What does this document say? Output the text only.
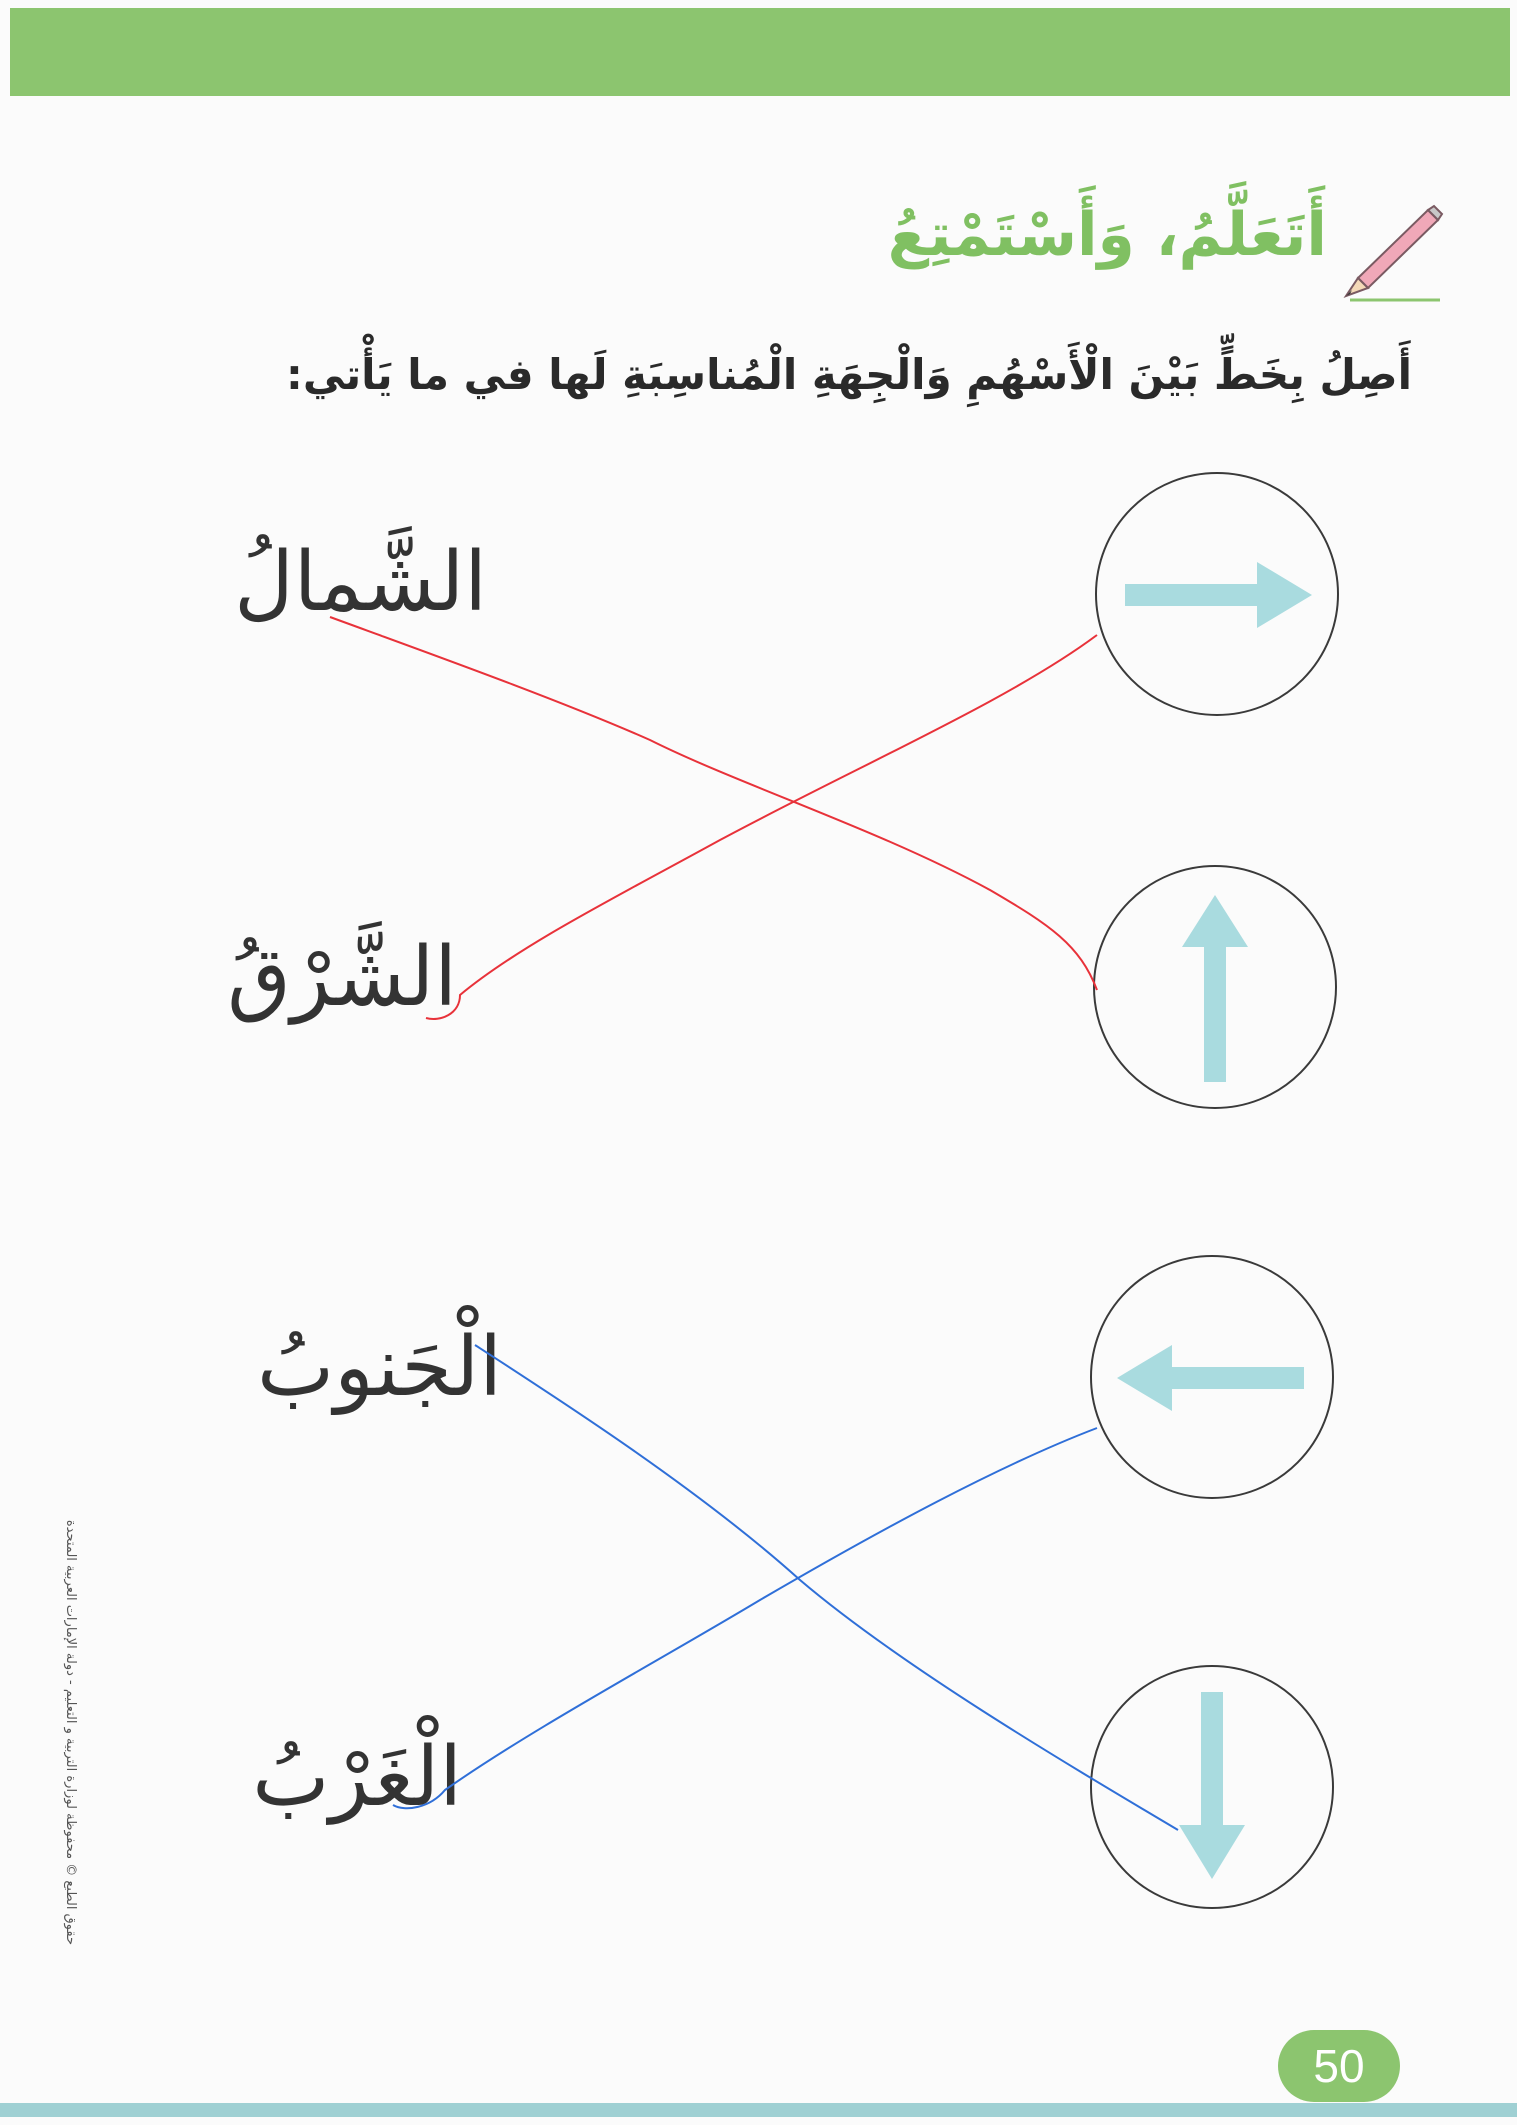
أَتَعَلَّمُ، وَأَسْتَمْتِعُ
أَصِلُ بِخَطٍّ بَيْنَ الْأَسْهُمِ وَالْجِهَةِ الْمُناسِبَةِ لَها في ما يَأْتي:
الشَّمالُ
الشَّرْقُ
الْجَنوبُ
الْغَرْبُ
حقوق الطبع © محفوظة لوزارة التربية و التعليم - دولة الإمارات العربية المتحدة
50
